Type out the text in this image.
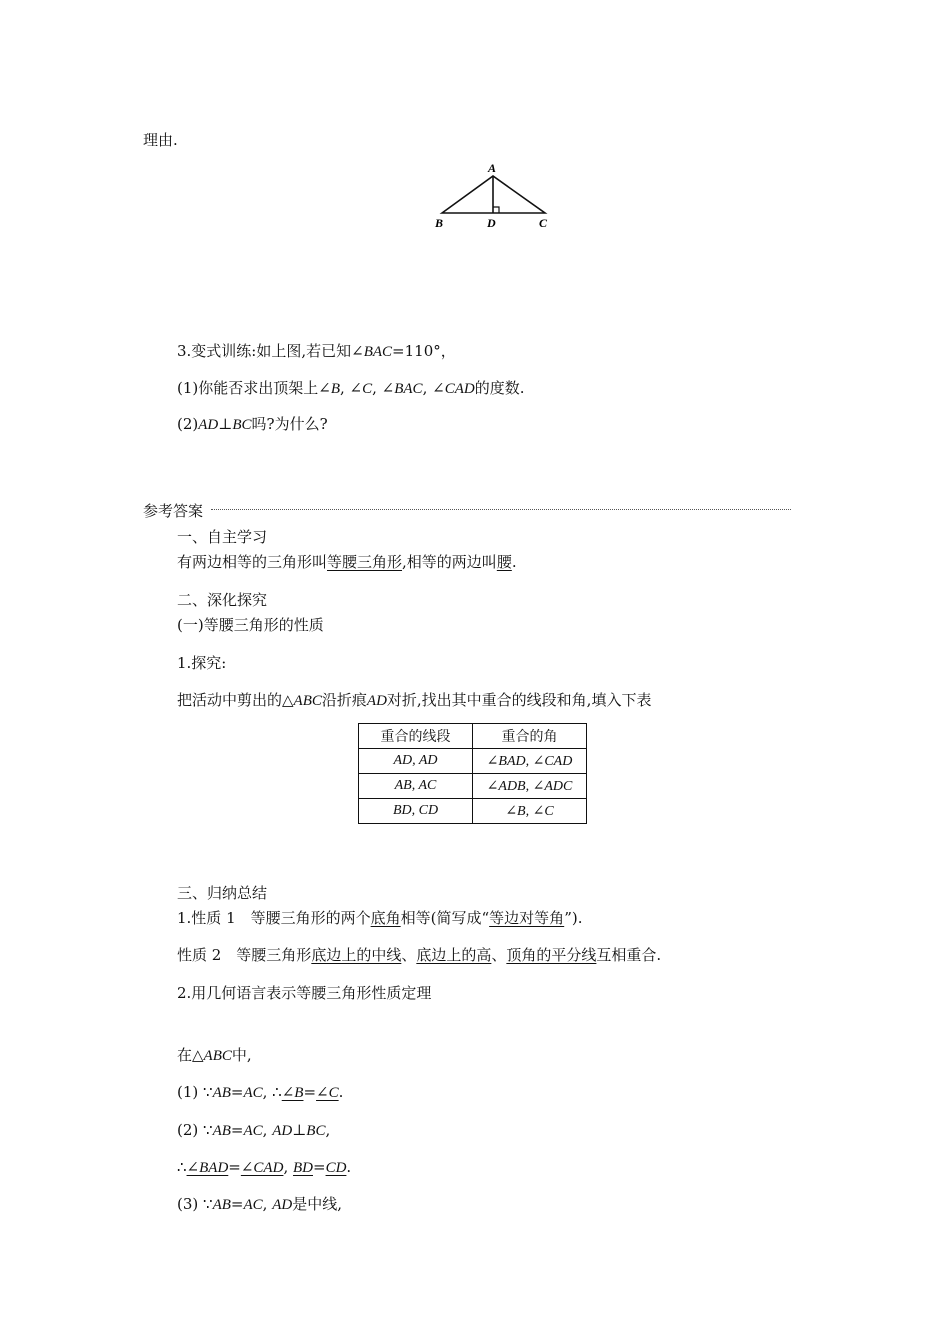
理由.
A
B	D	C
3.变式训练:如上图,若已知∠BAC=110°，
(1)你能否求出顶架上∠B, ∠C, ∠BAC, ∠CAD的度数.
(2)AD⊥BC吗?为什么?
参考答案
一、自主学习
有两边相等的三角形叫等腰三角形,相等的两边叫腰.
二、深化探究
(一)等腰三角形的性质
1.探究:
把活动中剪出的△ABC沿折痕AD对折,找出其中重合的线段和角,填入下表
重合的线段	重合的角
AD, AD	∠BAD, ∠CAD
AB, AC	∠ADB, ∠ADC
BD, CD	∠B, ∠C
三、归纳总结
1.性质 1　等腰三角形的两个底角相等(简写成“等边对等角”).
性质 2　等腰三角形底边上的中线、底边上的高、顶角的平分线互相重合.
2.用几何语言表示等腰三角形性质定理
在△ABC中,
(1) ∵AB=AC, ∴∠B=∠C.
(2) ∵AB=AC, AD⊥BC,
∴∠BAD=∠CAD, BD=CD.
(3) ∵AB=AC, AD是中线,
